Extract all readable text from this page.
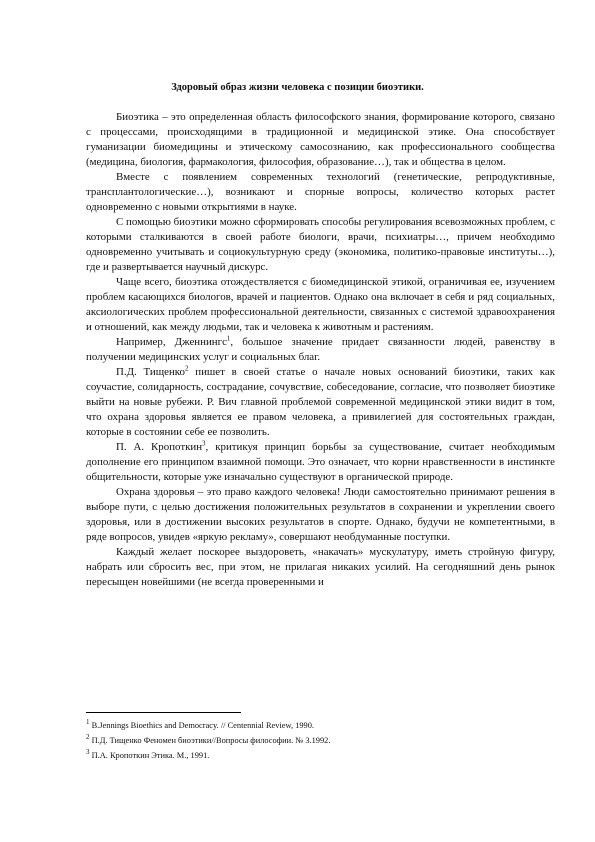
Здоровый образ жизни человека с позиции биоэтики.

Биоэтика – это определенная область философского знания, формирование которого, связано с процессами, происходящими в традиционной и медицинской этике. Она способствует гуманизации биомедицины и этическому самосознанию, как профессионального сообщества (медицина, биология, фармакология, философия, образование…), так и общества в целом.

Вместе с появлением современных технологий (генетические, репродуктивные, трансплантологические…), возникают и спорные вопросы, количество которых растет одновременно с новыми открытиями в науке.

С помощью биоэтики можно сформировать способы регулирования всевозможных проблем, с которыми сталкиваются в своей работе биологи, врачи, психиатры…, причем необходимо одновременно учитывать и социокультурную среду (экономика, политико-правовые институты…), где и развертывается научный дискурс.

Чаще всего, биоэтика отождествляется с биомедицинской этикой, ограничивая ее, изучением проблем касающихся биологов, врачей и пациентов. Однако она включает в себя и ряд социальных, аксиологических проблем профессиональной деятельности, связанных с системой здравоохранения и отношений, как между людьми, так и человека к животным и растениям.

Например, Дженнингс$^1$, большое значение придает связанности людей, равенству в получении медицинских услуг и социальных благ.

П.Д. Тищенко$^2$ пишет в своей статье о начале новых оснований биоэтики, таких как соучастие, солидарность, сострадание, сочувствие, собеседование, согласие, что позволяет биоэтике выйти на новые рубежи. Р. Вич главной проблемой современной медицинской этики видит в том, что охрана здоровья является ее правом человека, а привилегией для состоятельных граждан, которые в состоянии себе ее позволить.

П. А. Кропоткин$^3$, критикуя принцип борьбы за существование, считает необходимым дополнение его принципом взаимной помощи. Это означает, что корни нравственности в инстинкте общительности, которые уже изначально существуют в органической природе.

Охрана здоровья – это право каждого человека! Люди самостоятельно принимают решения в выборе пути, с целью достижения положительных результатов в сохранении и укреплении своего здоровья, или в достижении высоких результатов в спорте. Однако, будучи не компетентными, в ряде вопросов, увидев «яркую рекламу», совершают необдуманные поступки.

Каждый желает поскорее выздороветь, «накачать» мускулатуру, иметь стройную фигуру, набрать или сбросить вес, при этом, не прилагая никаких усилий. На сегодняшний день рынок пересыщен новейшими (не всегда проверенными и

$^1$ B.Jennings Bioethics and Democracy. // Centennial Review, 1990.
$^2$ П.Д. Тищенко Феномен биоэтики//Вопросы философии. № 3.1992.
$^3$ П.А. Кропоткин Этика. М., 1991.
